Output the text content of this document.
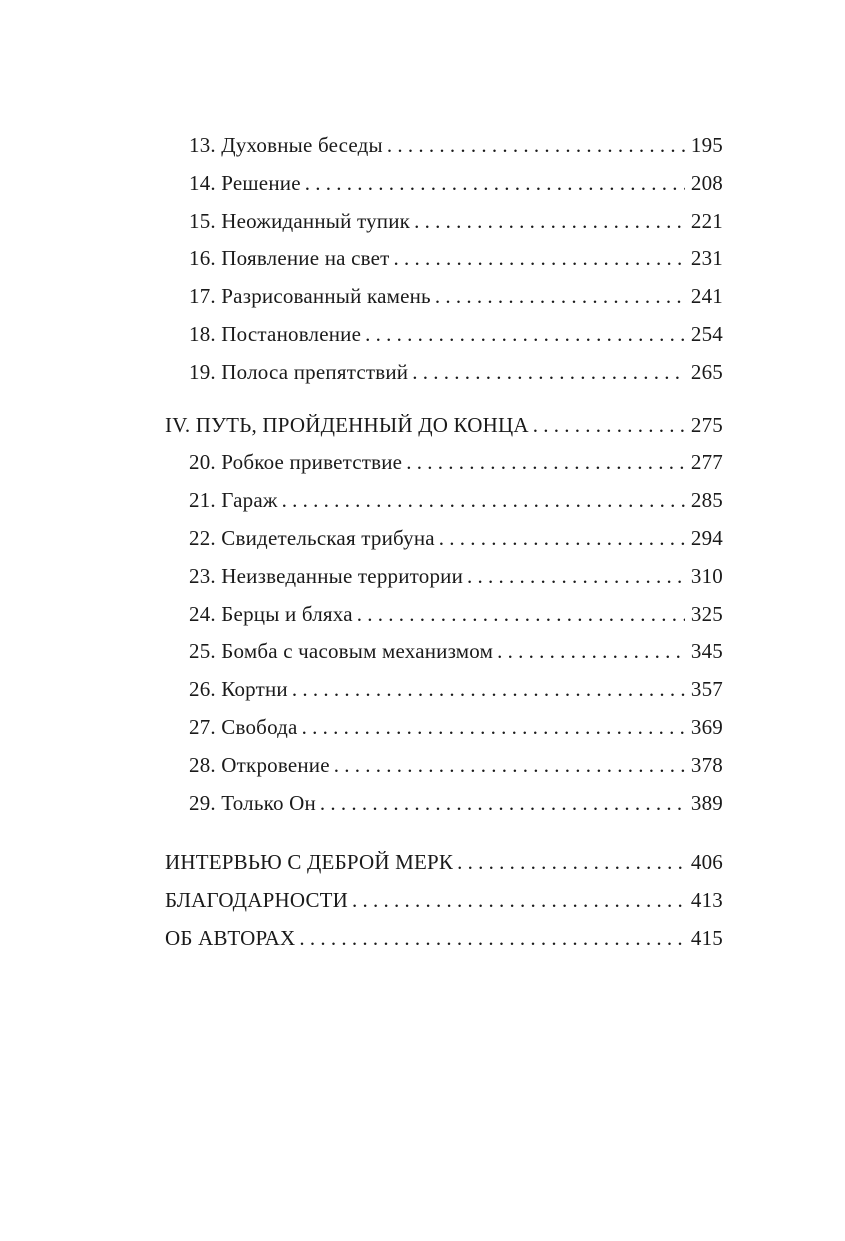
13. Духовные беседы . . .	195
14. Решение . . .	208
15. Неожиданный тупик . . .	221
16. Появление на свет . . .	231
17. Разрисованный камень . . .	241
18. Постановление . . .	254
19. Полоса препятствий . . .	265
IV. ПУТЬ, ПРОЙДЕННЫЙ ДО КОНЦА . . .	275
20. Робкое приветствие . . .	277
21. Гараж . . .	285
22. Свидетельская трибуна . . .	294
23. Неизведанные территории . . .	310
24. Берцы и бляха . . .	325
25. Бомба с часовым механизмом . . .	345
26. Кортни . . .	357
27. Свобода . . .	369
28. Откровение . . .	378
29. Только Он . . .	389
ИНТЕРВЬЮ С ДЕБРОЙ МЕРК . . .	406
БЛАГОДАРНОСТИ . . .	413
ОБ АВТОРАХ . . .	415
